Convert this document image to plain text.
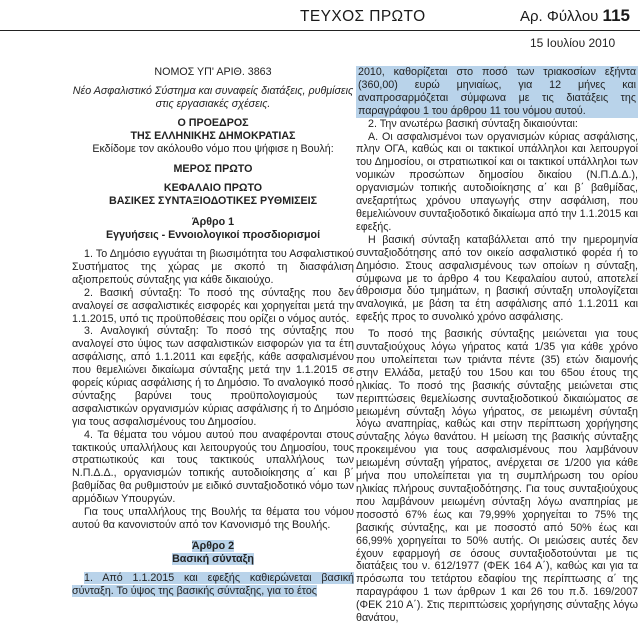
ΤΕΥΧΟΣ ΠΡΩΤΟ	Αρ. Φύλλου 115
15 Ιουλίου 2010

ΝΟΜΟΣ ΥΠ' ΑΡΙΘ. 3863

Νέο Ασφαλιστικό Σύστημα και συναφείς διατάξεις, ρυθμίσεις στις εργασιακές σχέσεις.

Ο ΠΡΟΕΔΡΟΣ

ΤΗΣ ΕΛΛΗΝΙΚΗΣ ΔΗΜΟΚΡΑΤΙΑΣ

Εκδίδομε τον ακόλουθο νόμο που ψήφισε η Βουλή:

ΜΕΡΟΣ ΠΡΩΤΟ

ΚΕΦΑΛΑΙΟ ΠΡΩΤΟ

ΒΑΣΙΚΕΣ ΣΥΝΤΑΞΙΟΔΟΤΙΚΕΣ ΡΥΘΜΙΣΕΙΣ

Άρθρο 1

Εγγυήσεις - Εννοιολογικοί προσδιορισμοί

1. Το Δημόσιο εγγυάται τη βιωσιμότητα του Ασφαλιστικού Συστήματος της χώρας με σκοπό τη διασφάλιση αξιοπρεπούς σύνταξης για κάθε δικαιούχο.

2. Βασική σύνταξη: Το ποσό της σύνταξης που δεν αναλογεί σε ασφαλιστικές εισφορές και χορηγείται μετά την 1.1.2015, υπό τις προϋποθέσεις που ορίζει ο νόμος αυτός.

3. Αναλογική σύνταξη: Το ποσό της σύνταξης που αναλογεί στο ύψος των ασφαλιστικών εισφορών για τα έτη ασφάλισης, από 1.1.2011 και εφεξής, κάθε ασφαλισμένου που θεμελιώνει δικαίωμα σύνταξης μετά την 1.1.2015 σε φορείς κύριας ασφάλισης ή το Δημόσιο. Το αναλογικό ποσό σύνταξης βαρύνει τους προϋπολογισμούς των ασφαλιστικών οργανισμών κύριας ασφάλισης ή το Δημόσιο για τους ασφαλισμένους του Δημοσίου.

4. Τα θέματα του νόμου αυτού που αναφέρονται στους τακτικούς υπαλλήλους και λειτουργούς του Δημοσίου, τους στρατιωτικούς και τους τακτικούς υπαλλήλους των Ν.Π.Δ.Δ., οργανισμών τοπικής αυτοδιοίκησης α΄ και β΄ βαθμίδας θα ρυθμιστούν με ειδικό συνταξιοδοτικό νόμο των αρμόδιων Υπουργών.

Για τους υπαλλήλους της Βουλής τα θέματα του νόμου αυτού θα κανονιστούν από τον Κανονισμό της Βουλής.

Άρθρο 2

Βασική σύνταξη

1. Από 1.1.2015 και εφεξής καθιερώνεται βασική σύνταξη. Το ύψος της βασικής σύνταξης, για το έτος

2010, καθορίζεται στο ποσό των τριακοσίων εξήντα (360,00) ευρώ μηνιαίως, για 12 μήνες και αναπροσαρμόζεται σύμφωνα με τις διατάξεις της παραγράφου 1 του άρθρου 11 του νόμου αυτού.

2. Την ανωτέρω βασική σύνταξη δικαιούνται:

Α. Οι ασφαλισμένοι των οργανισμών κύριας ασφάλισης, πλην ΟΓΑ, καθώς και οι τακτικοί υπάλληλοι και λειτουργοί του Δημοσίου, οι στρατιωτικοί και οι τακτικοί υπάλληλοι των νομικών προσώπων δημοσίου δικαίου (Ν.Π.Δ.Δ.), οργανισμών τοπικής αυτοδιοίκησης α΄ και β΄ βαθμίδας, ανεξαρτήτως χρόνου υπαγωγής στην ασφάλιση, που θεμελιώνουν συνταξιοδοτικό δικαίωμα από την 1.1.2015 και εφεξής.

Η βασική σύνταξη καταβάλλεται από την ημερομηνία συνταξιοδότησης από τον οικείο ασφαλιστικό φορέα ή το Δημόσιο. Στους ασφαλισμένους των οποίων η σύνταξη, σύμφωνα με το άρθρο 4 του Κεφαλαίου αυτού, αποτελεί άθροισμα δύο τμημάτων, η βασική σύνταξη υπολογίζεται αναλογικά, με βάση τα έτη ασφάλισης από 1.1.2011 και εφεξής προς το συνολικό χρόνο ασφάλισης.

Το ποσό της βασικής σύνταξης μειώνεται για τους συνταξιούχους λόγω γήρατος κατά 1/35 για κάθε χρόνο που υπολείπεται των τριάντα πέντε (35) ετών διαμονής στην Ελλάδα, μεταξύ του 15ου και του 65ου έτους της ηλικίας. Το ποσό της βασικής σύνταξης μειώνεται στις περιπτώσεις θεμελίωσης συνταξιοδοτικού δικαιώματος σε μειωμένη σύνταξη λόγω γήρατος, σε μειωμένη σύνταξη λόγω αναπηρίας, καθώς και στην περίπτωση χορήγησης σύνταξης λόγω θανάτου. Η μείωση της βασικής σύνταξης προκειμένου για τους ασφαλισμένους που λαμβάνουν μειωμένη σύνταξη γήρατος, ανέρχεται σε 1/200 για κάθε μήνα που υπολείπεται για τη συμπλήρωση του ορίου ηλικίας πλήρους συνταξιοδότησης. Για τους συνταξιούχους που λαμβάνουν μειωμένη σύνταξη λόγω αναπηρίας με ποσοστό 67% έως και 79,99% χορηγείται το 75% της βασικής σύνταξης, και με ποσοστό από 50% έως και 66,99% χορηγείται το 50% αυτής. Οι μειώσεις αυτές δεν έχουν εφαρμογή σε όσους συνταξιοδοτούνται με τις διατάξεις του ν. 612/1977 (ΦΕΚ 164 Α΄), καθώς και για τα πρόσωπα του τετάρτου εδαφίου της περίπτωσης α΄ της παραγράφου 1 των άρθρων 1 και 26 του π.δ. 169/2007 (ΦΕΚ 210 Α΄). Στις περιπτώσεις χορήγησης σύνταξης λόγω θανάτου,
